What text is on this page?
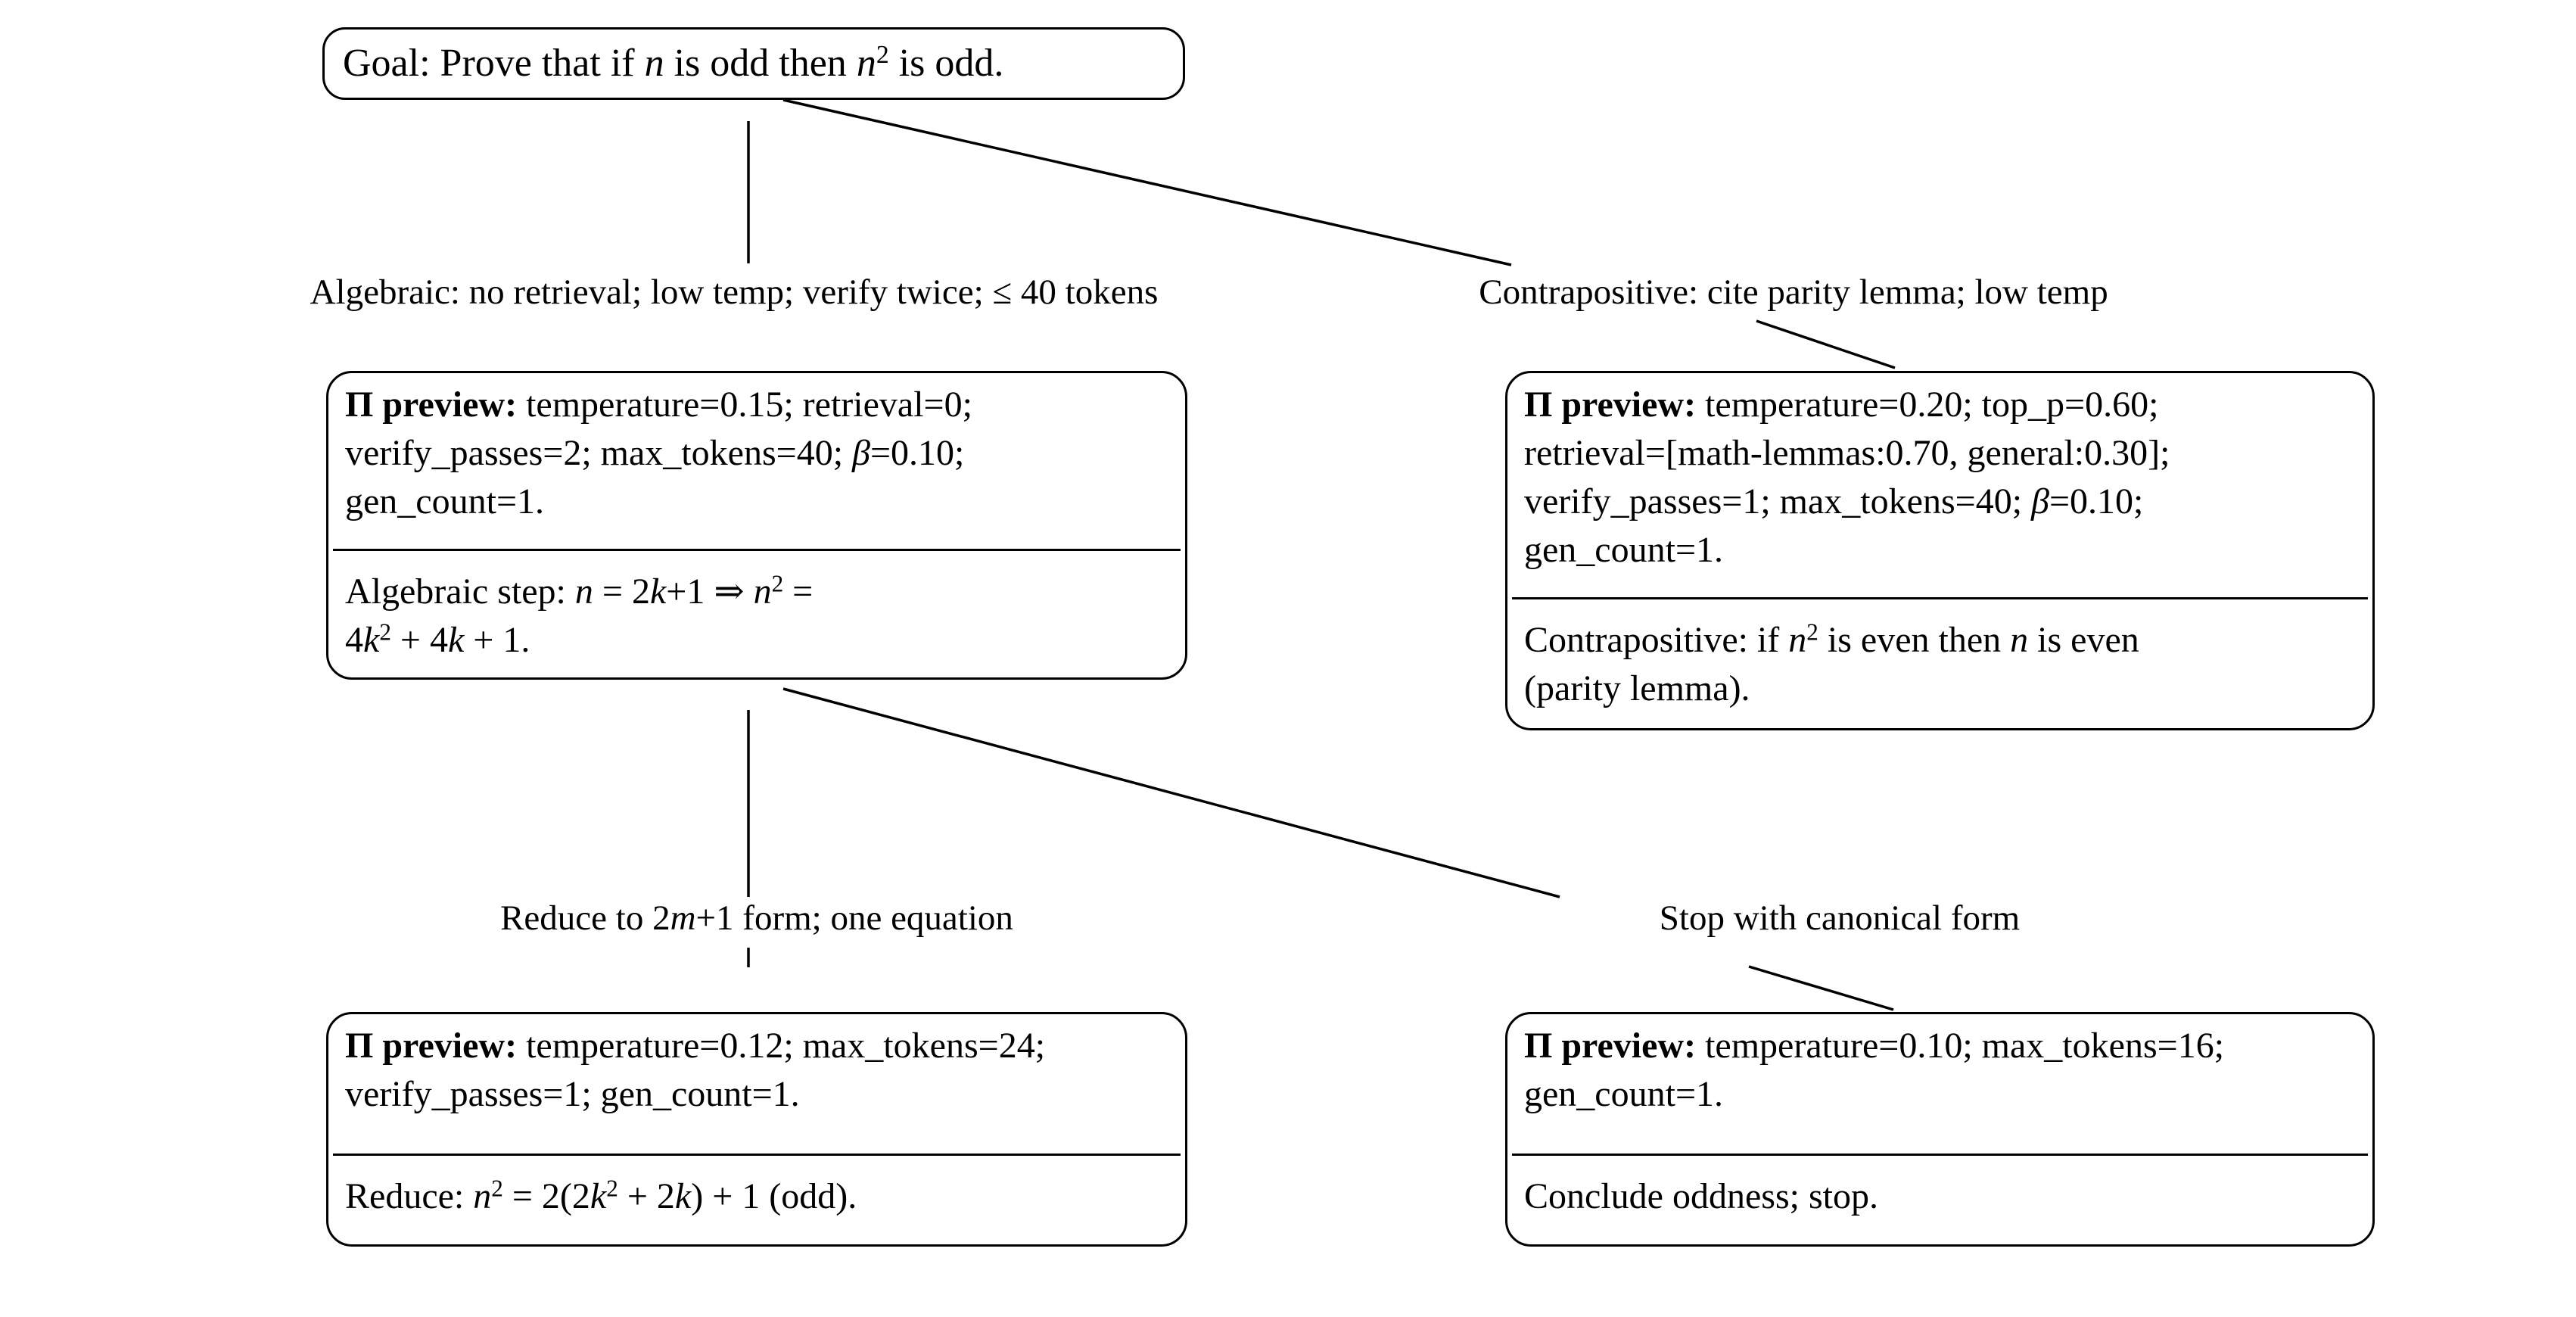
Goal: Prove that if n is odd then $n^2$ is odd.
Algebraic: no retrieval; low temp; verify twice; ≤ 40 tokens	Contrapositive: cite parity lemma; low temp
Π preview: temperature=0.15; retrieval=0;
verify_passes=2; max_tokens=40; β=0.10;
gen_count=1.
Algebraic step: n = 2k+1 ⇒ $n^2$ =
$4k^2 + 4k + 1$.
Π preview: temperature=0.20; top_p=0.60;
retrieval=[math-lemmas:0.70, general:0.30];
verify_passes=1; max_tokens=40; β=0.10;
gen_count=1.
Contrapositive: if $n^2$ is even then n is even
(parity lemma).
Reduce to 2m+1 form; one equation	Stop with canonical form
Π preview: temperature=0.12; max_tokens=24;
verify_passes=1; gen_count=1.
Reduce: $n^2 = 2(2k^2 + 2k) + 1$ (odd).
Π preview: temperature=0.10; max_tokens=16;
gen_count=1.
Conclude oddness; stop.
